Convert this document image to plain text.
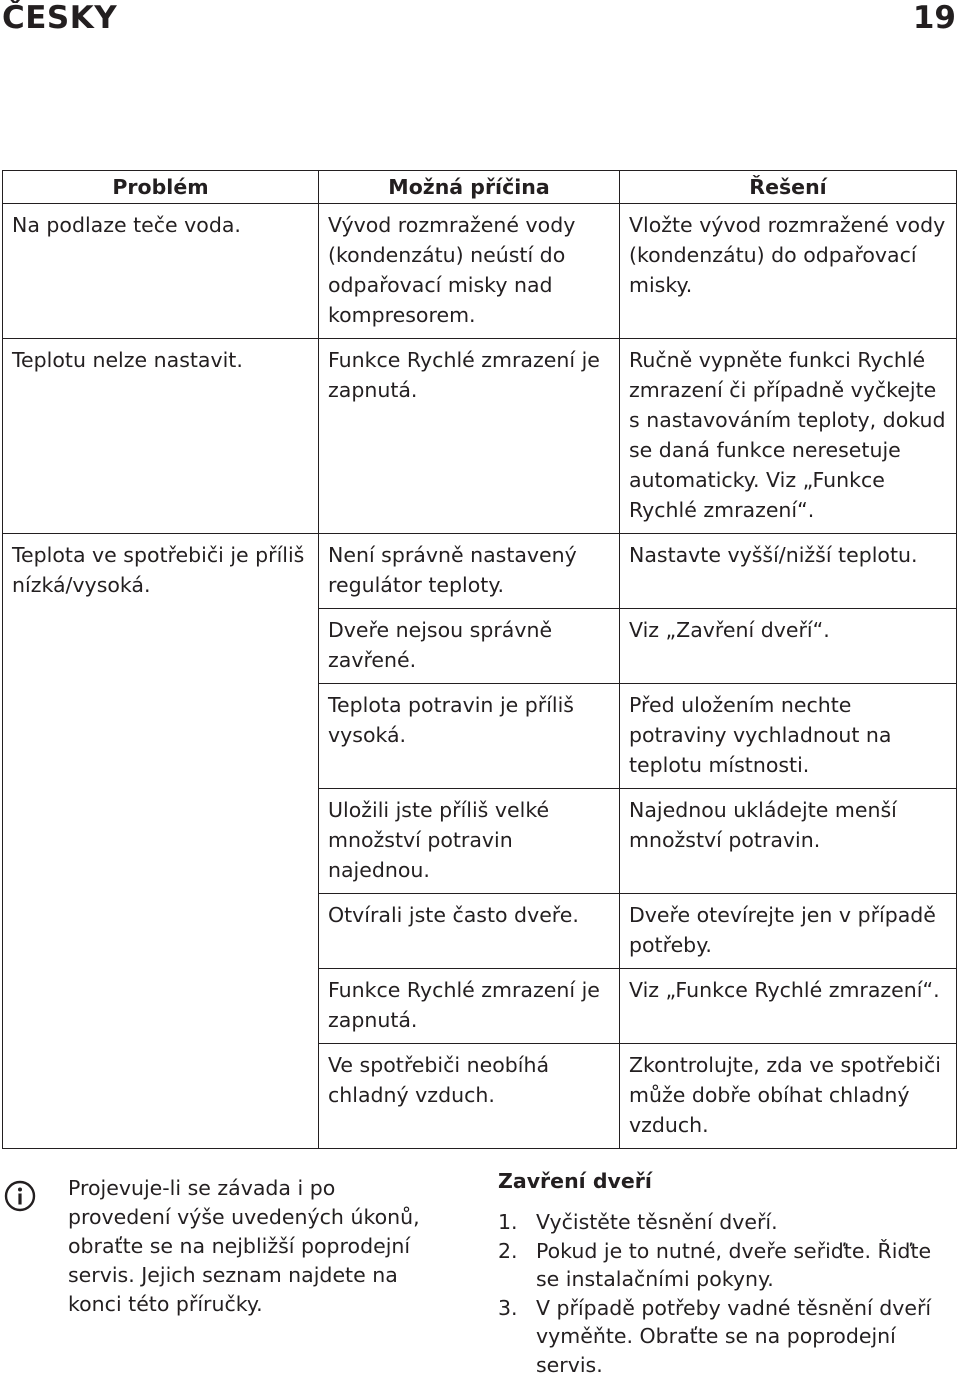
ČESKY	19
Problém	Možná příčina	Řešení
Na podlaze teče voda.	Vývod rozmražené vody (kondenzátu) neústí do odpařovací misky nad kompresorem.	Vložte vývod rozmražené vody (kondenzátu) do odpařovací misky.
Teplotu nelze nastavit.	Funkce Rychlé zmrazení je zapnutá.	Ručně vypněte funkci Rychlé zmrazení či případně vyčkejte s nastavováním teploty, dokud se daná funkce neresetuje automaticky. Viz „Funkce Rychlé zmrazení“.
Teplota ve spotřebiči je příliš nízká/vysoká.	Není správně nastavený regulátor teploty.	Nastavte vyšší/nižší teplotu.
	Dveře nejsou správně zavřené.	Viz „Zavření dveří“.
	Teplota potravin je příliš vysoká.	Před uložením nechte potraviny vychladnout na teplotu místnosti.
	Uložili jste příliš velké množství potravin najednou.	Najednou ukládejte menší množství potravin.
	Otvírali jste často dveře.	Dveře otevírejte jen v případě potřeby.
	Funkce Rychlé zmrazení je zapnutá.	Viz „Funkce Rychlé zmrazení“.
	Ve spotřebiči neobíhá chladný vzduch.	Zkontrolujte, zda ve spotřebiči může dobře obíhat chladný vzduch.
Projevuje-li se závada i po provedení výše uvedených úkonů, obraťte se na nejbližší poprodejní servis. Jejich seznam najdete na konci této příručky.
Zavření dveří
1. Vyčistěte těsnění dveří.
2. Pokud je to nutné, dveře seřiďte. Řiďte se instalačními pokyny.
3. V případě potřeby vadné těsnění dveří vyměňte. Obraťte se na poprodejní servis.
